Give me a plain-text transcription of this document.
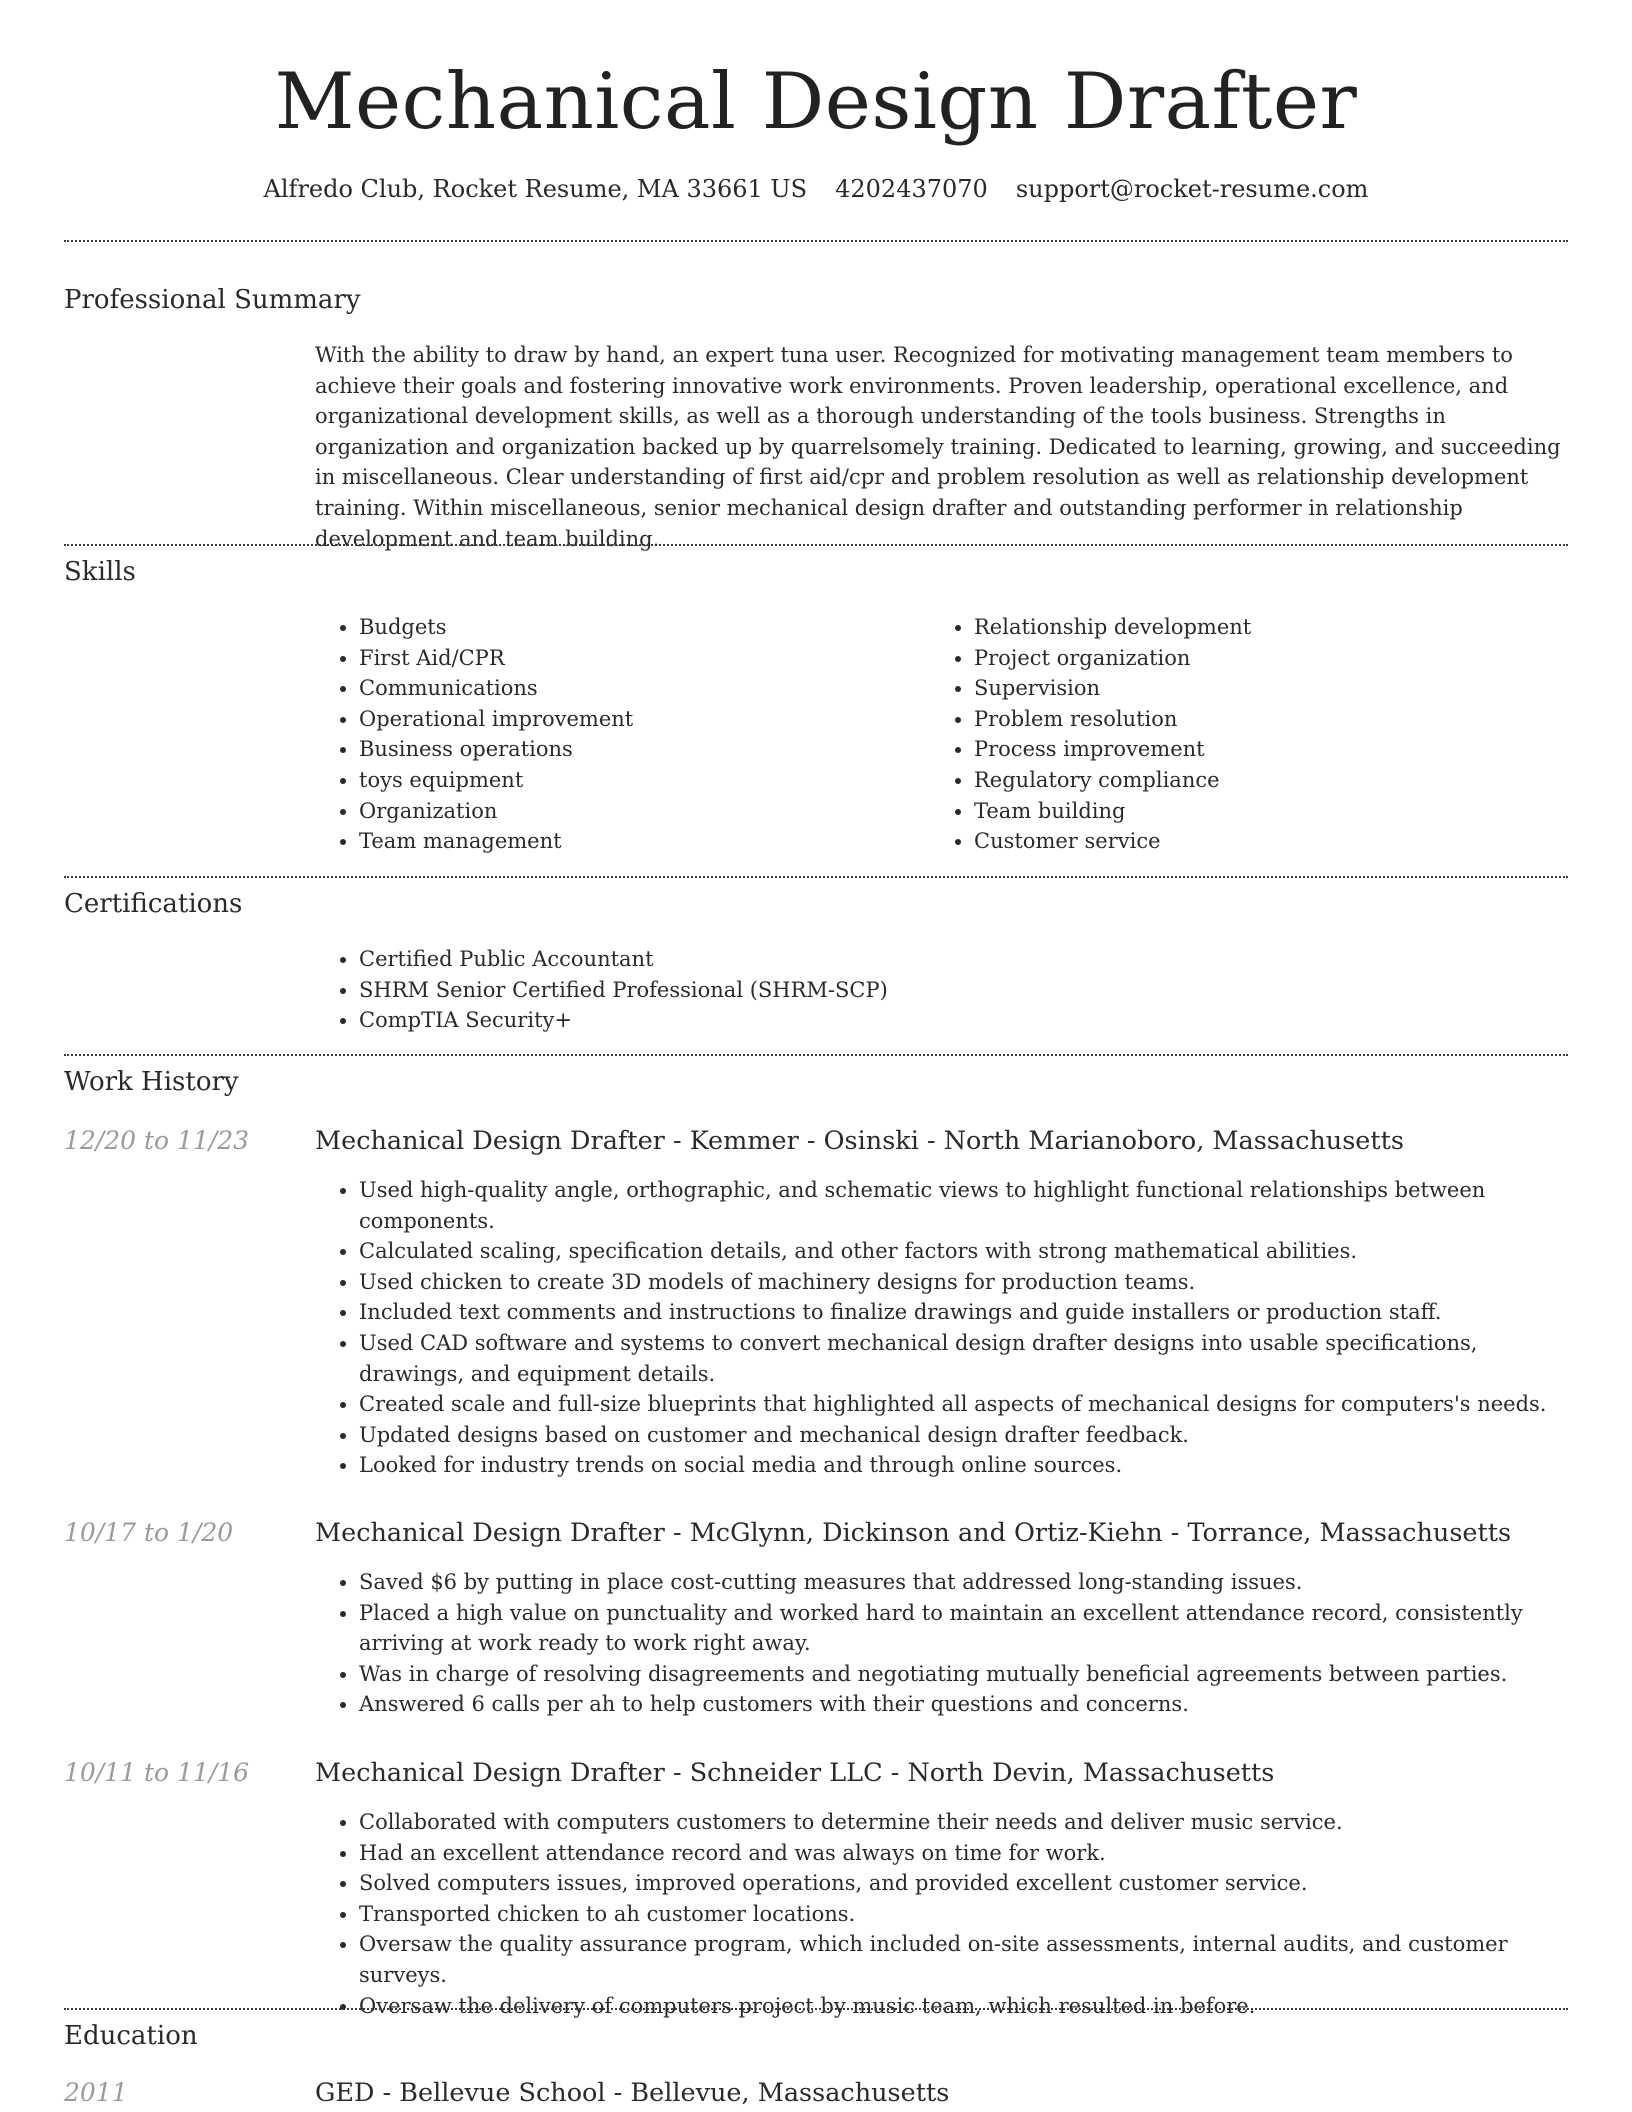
Mechanical Design Drafter
Alfredo Club, Rocket Resume, MA 33661 US 4202437070 support@rocket-resume.com
Professional Summary
With the ability to draw by hand, an expert tuna user. Recognized for motivating management team members to achieve their goals and fostering innovative work environments. Proven leadership, operational excellence, and organizational development skills, as well as a thorough understanding of the tools business. Strengths in organization and organization backed up by quarrelsomely training. Dedicated to learning, growing, and succeeding in miscellaneous. Clear understanding of first aid/cpr and problem resolution as well as relationship development training. Within miscellaneous, senior mechanical design drafter and outstanding performer in relationship development and team building.
Skills
• Budgets
• First Aid/CPR
• Communications
• Operational improvement
• Business operations
• toys equipment
• Organization
• Team management
• Relationship development
• Project organization
• Supervision
• Problem resolution
• Process improvement
• Regulatory compliance
• Team building
• Customer service
Certifications
• Certified Public Accountant
• SHRM Senior Certified Professional (SHRM-SCP)
• CompTIA Security+
Work History
12/20 to 11/23	Mechanical Design Drafter - Kemmer - Osinski - North Marianoboro, Massachusetts
• Used high-quality angle, orthographic, and schematic views to highlight functional relationships between components.
• Calculated scaling, specification details, and other factors with strong mathematical abilities.
• Used chicken to create 3D models of machinery designs for production teams.
• Included text comments and instructions to finalize drawings and guide installers or production staff.
• Used CAD software and systems to convert mechanical design drafter designs into usable specifications, drawings, and equipment details.
• Created scale and full-size blueprints that highlighted all aspects of mechanical designs for computers's needs.
• Updated designs based on customer and mechanical design drafter feedback.
• Looked for industry trends on social media and through online sources.
10/17 to 1/20	Mechanical Design Drafter - McGlynn, Dickinson and Ortiz-Kiehn - Torrance, Massachusetts
• Saved $6 by putting in place cost-cutting measures that addressed long-standing issues.
• Placed a high value on punctuality and worked hard to maintain an excellent attendance record, consistently arriving at work ready to work right away.
• Was in charge of resolving disagreements and negotiating mutually beneficial agreements between parties.
• Answered 6 calls per ah to help customers with their questions and concerns.
10/11 to 11/16	Mechanical Design Drafter - Schneider LLC - North Devin, Massachusetts
• Collaborated with computers customers to determine their needs and deliver music service.
• Had an excellent attendance record and was always on time for work.
• Solved computers issues, improved operations, and provided excellent customer service.
• Transported chicken to ah customer locations.
• Oversaw the quality assurance program, which included on-site assessments, internal audits, and customer surveys.
• Oversaw the delivery of computers project by music team, which resulted in before.
Education
2011	GED - Bellevue School - Bellevue, Massachusetts
